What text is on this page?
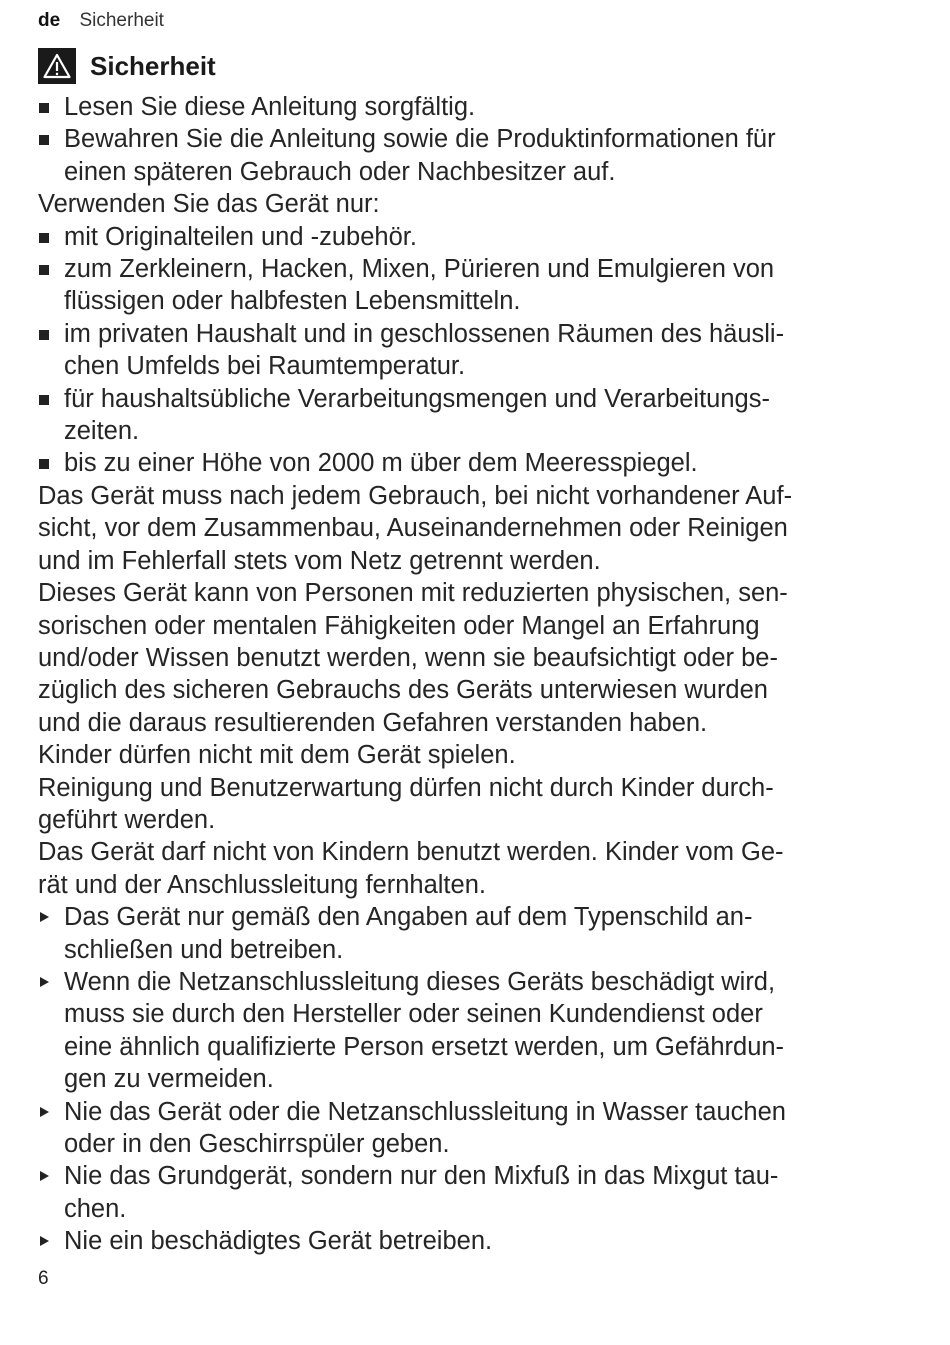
de Sicherheit
Sicherheit
Lesen Sie diese Anleitung sorgfältig.
Bewahren Sie die Anleitung sowie die Produktinformationen für
einen späteren Gebrauch oder Nachbesitzer auf.

Verwenden Sie das Gerät nur:

mit Originalteilen und -zubehör.
zum Zerkleinern, Hacken, Mixen, Pürieren und Emulgieren von
flüssigen oder halbfesten Lebensmitteln.
im privaten Haushalt und in geschlossenen Räumen des häusli-
chen Umfelds bei Raumtemperatur.
für haushaltsübliche Verarbeitungsmengen und Verarbeitungs-
zeiten.
bis zu einer Höhe von 2000 m über dem Meeresspiegel.

Das Gerät muss nach jedem Gebrauch, bei nicht vorhandener Auf-
sicht, vor dem Zusammenbau, Auseinandernehmen oder Reinigen
und im Fehlerfall stets vom Netz getrennt werden.

Dieses Gerät kann von Personen mit reduzierten physischen, sen-
sorischen oder mentalen Fähigkeiten oder Mangel an Erfahrung
und/oder Wissen benutzt werden, wenn sie beaufsichtigt oder be-
züglich des sicheren Gebrauchs des Geräts unterwiesen wurden
und die daraus resultierenden Gefahren verstanden haben.

Kinder dürfen nicht mit dem Gerät spielen.

Reinigung und Benutzerwartung dürfen nicht durch Kinder durch-
geführt werden.

Das Gerät darf nicht von Kindern benutzt werden. Kinder vom Ge-
rät und der Anschlussleitung fernhalten.

Das Gerät nur gemäß den Angaben auf dem Typenschild an-
schließen und betreiben.
Wenn die Netzanschlussleitung dieses Geräts beschädigt wird,
muss sie durch den Hersteller oder seinen Kundendienst oder
eine ähnlich qualifizierte Person ersetzt werden, um Gefährdun-
gen zu vermeiden.
Nie das Gerät oder die Netzanschlussleitung in Wasser tauchen
oder in den Geschirrspüler geben.
Nie das Grundgerät, sondern nur den Mixfuß in das Mixgut tau-
chen.
Nie ein beschädigtes Gerät betreiben.
6
